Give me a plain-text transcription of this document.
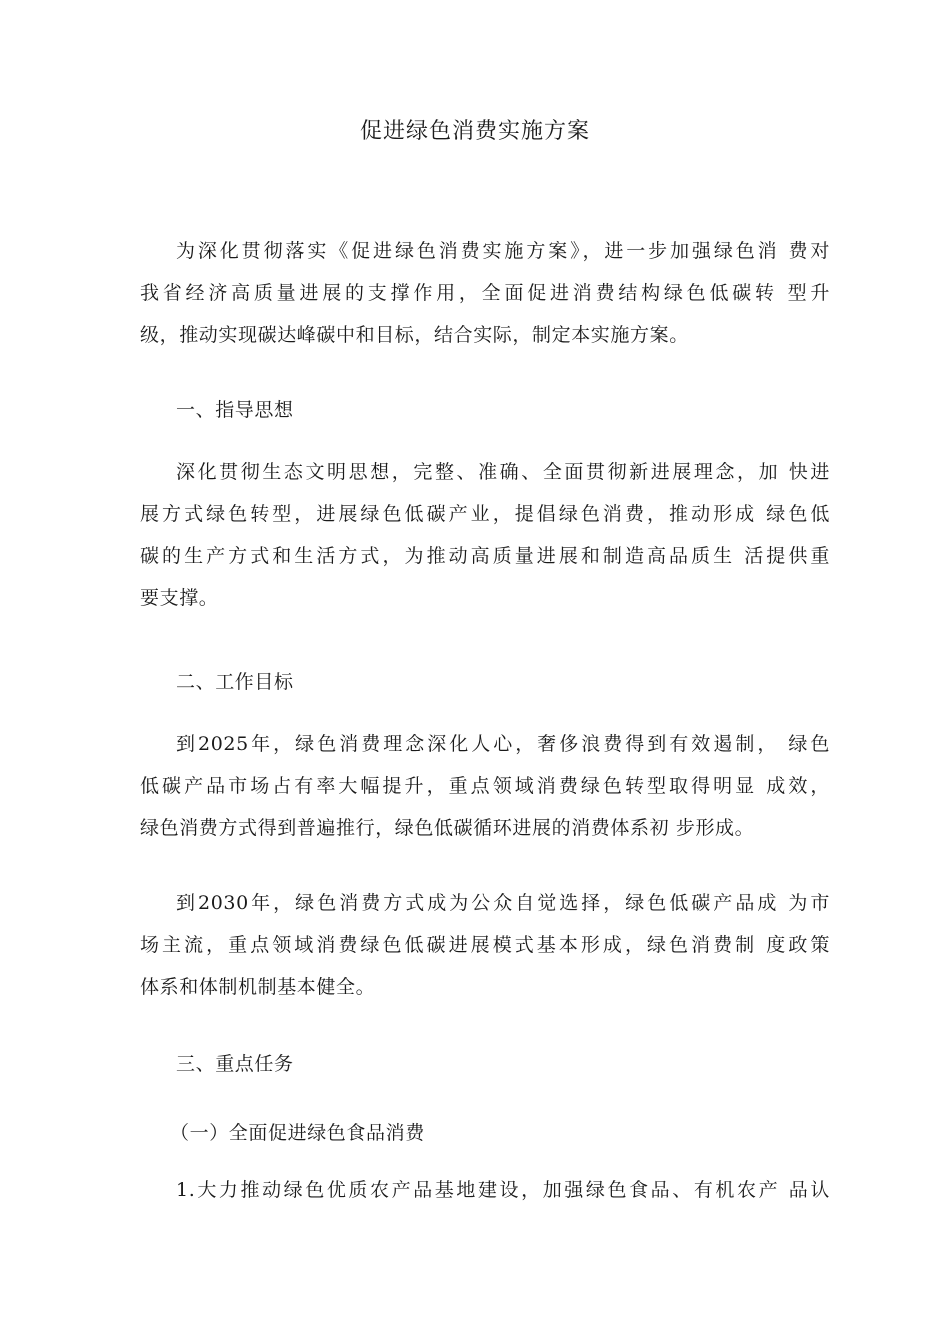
促进绿色消费实施方案
为深化贯彻落实《促进绿色消费实施方案》，进一步加强绿色消 费对
我省经济高质量进展的支撑作用，全面促进消费结构绿色低碳转 型升
级，推动实现碳达峰碳中和目标，结合实际，制定本实施方案。
一、指导思想
深化贯彻生态文明思想，完整、准确、全面贯彻新进展理念，加 快进
展方式绿色转型，进展绿色低碳产业，提倡绿色消费，推动形成 绿色低
碳的生产方式和生活方式，为推动高质量进展和制造高品质生 活提供重
要支撑。
二、工作目标
到2025年，绿色消费理念深化人心，奢侈浪费得到有效遏制， 绿色
低碳产品市场占有率大幅提升，重点领域消费绿色转型取得明显 成效，
绿色消费方式得到普遍推行，绿色低碳循环进展的消费体系初 步形成。
到2030年，绿色消费方式成为公众自觉选择，绿色低碳产品成 为市
场主流，重点领域消费绿色低碳进展模式基本形成，绿色消费制 度政策
体系和体制机制基本健全。
三、重点任务
（一）全面促进绿色食品消费
1.大力推动绿色优质农产品基地建设，加强绿色食品、有机农产 品认
